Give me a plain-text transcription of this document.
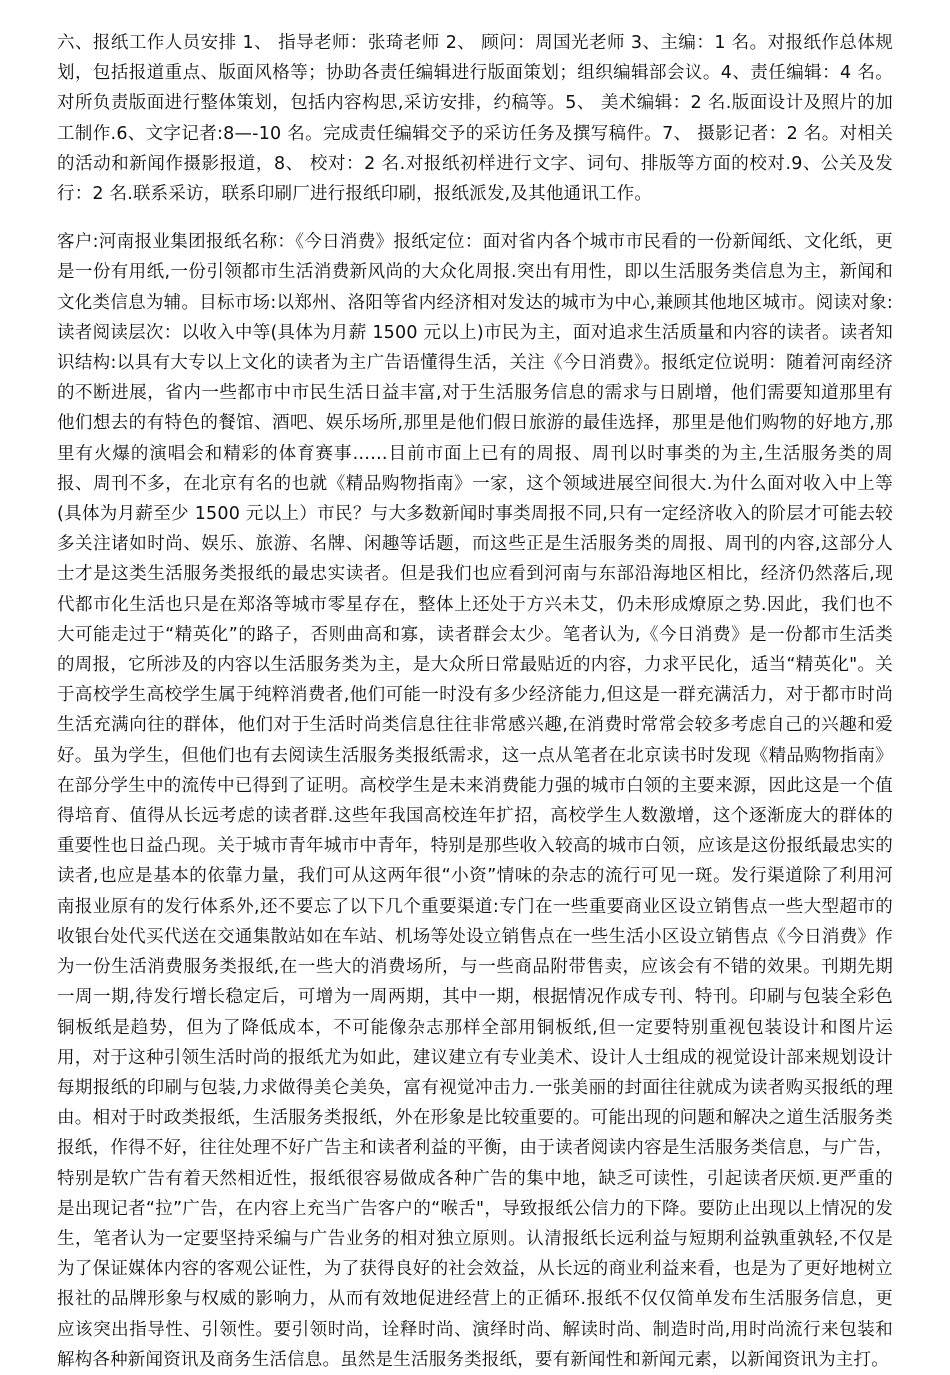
六、报纸工作人员安排 1、 指导老师：张琦老师 2、 顾问：周国光老师 3、主编：1 名。对报纸作总体规划，包括报道重点、版面风格等；协助各责任编辑进行版面策划；组织编辑部会议。4、责任编辑：4 名。对所负责版面进行整体策划，包括内容构思,采访安排，约稿等。5、 美术编辑：2 名.版面设计及照片的加工制作.6、文字记者:8—-10 名。完成责任编辑交予的采访任务及撰写稿件。7、 摄影记者：2 名。对相关的活动和新闻作摄影报道，8、 校对：2 名.对报纸初样进行文字、词句、排版等方面的校对.9、公关及发行：2 名.联系采访，联系印刷厂进行报纸印刷，报纸派发,及其他通讯工作。

客户:河南报业集团报纸名称：《今日消费》报纸定位：面对省内各个城市市民看的一份新闻纸、文化纸，更是一份有用纸,一份引领都市生活消费新风尚的大众化周报.突出有用性，即以生活服务类信息为主，新闻和文化类信息为辅。目标市场:以郑州、洛阳等省内经济相对发达的城市为中心,兼顾其他地区城市。阅读对象:读者阅读层次：以收入中等(具体为月薪 1500 元以上)市民为主，面对追求生活质量和内容的读者。读者知识结构:以具有大专以上文化的读者为主广告语懂得生活，关注《今日消费》。报纸定位说明：随着河南经济的不断进展，省内一些都市中市民生活日益丰富,对于生活服务信息的需求与日剧增，他们需要知道那里有他们想去的有特色的餐馆、酒吧、娱乐场所,那里是他们假日旅游的最佳选择，那里是他们购物的好地方,那里有火爆的演唱会和精彩的体育赛事……目前市面上已有的周报、周刊以时事类的为主,生活服务类的周报、周刊不多，在北京有名的也就《精品购物指南》一家，这个领域进展空间很大.为什么面对收入中上等(具体为月薪至少 1500 元以上）市民？与大多数新闻时事类周报不同,只有一定经济收入的阶层才可能去较多关注诸如时尚、娱乐、旅游、名牌、闲趣等话题，而这些正是生活服务类的周报、周刊的内容,这部分人士才是这类生活服务类报纸的最忠实读者。但是我们也应看到河南与东部沿海地区相比，经济仍然落后,现代都市化生活也只是在郑洛等城市零星存在，整体上还处于方兴未艾，仍未形成燎原之势.因此，我们也不大可能走过于“精英化”的路子，否则曲高和寡，读者群会太少。笔者认为,《今日消费》是一份都市生活类的周报，它所涉及的内容以生活服务类为主，是大众所日常最贴近的内容，力求平民化，适当“精英化"。关于高校学生高校学生属于纯粹消费者,他们可能一时没有多少经济能力,但这是一群充满活力，对于都市时尚生活充满向往的群体，他们对于生活时尚类信息往往非常感兴趣,在消费时常常会较多考虑自己的兴趣和爱好。虽为学生，但他们也有去阅读生活服务类报纸需求，这一点从笔者在北京读书时发现《精品购物指南》在部分学生中的流传中已得到了证明。高校学生是未来消费能力强的城市白领的主要来源，因此这是一个值得培育、值得从长远考虑的读者群.这些年我国高校连年扩招，高校学生人数激增，这个逐渐庞大的群体的重要性也日益凸现。关于城市青年城市中青年，特别是那些收入较高的城市白领，应该是这份报纸最忠实的读者,也应是基本的依靠力量，我们可从这两年很“小资”情味的杂志的流行可见一斑。发行渠道除了利用河南报业原有的发行体系外,还不要忘了以下几个重要渠道:专门在一些重要商业区设立销售点一些大型超市的收银台处代买代送在交通集散站如在车站、机场等处设立销售点在一些生活小区设立销售点《今日消费》作为一份生活消费服务类报纸,在一些大的消费场所，与一些商品附带售卖，应该会有不错的效果。刊期先期一周一期,待发行增长稳定后，可增为一周两期，其中一期，根据情况作成专刊、特刊。印刷与包装全彩色铜板纸是趋势，但为了降低成本，不可能像杂志那样全部用铜板纸,但一定要特别重视包装设计和图片运用，对于这种引领生活时尚的报纸尤为如此，建议建立有专业美术、设计人士组成的视觉设计部来规划设计每期报纸的印刷与包装,力求做得美仑美奂，富有视觉冲击力.一张美丽的封面往往就成为读者购买报纸的理由。相对于时政类报纸，生活服务类报纸，外在形象是比较重要的。可能出现的问题和解决之道生活服务类报纸，作得不好，往往处理不好广告主和读者利益的平衡，由于读者阅读内容是生活服务类信息，与广告，特别是软广告有着天然相近性，报纸很容易做成各种广告的集中地，缺乏可读性，引起读者厌烦.更严重的是出现记者“拉”广告，在内容上充当广告客户的“喉舌"，导致报纸公信力的下降。要防止出现以上情况的发生，笔者认为一定要坚持采编与广告业务的相对独立原则。认清报纸长远利益与短期利益孰重孰轻,不仅是为了保证媒体内容的客观公证性，为了获得良好的社会效益，从长远的商业利益来看，也是为了更好地树立报社的品牌形象与权威的影响力，从而有效地促进经营上的正循环.报纸不仅仅简单发布生活服务信息，更应该突出指导性、引领性。要引领时尚，诠释时尚、演绎时尚、解读时尚、制造时尚,用时尚流行来包装和解构各种新闻资讯及商务生活信息。虽然是生活服务类报纸，要有新闻性和新闻元素，以新闻资讯为主打。
